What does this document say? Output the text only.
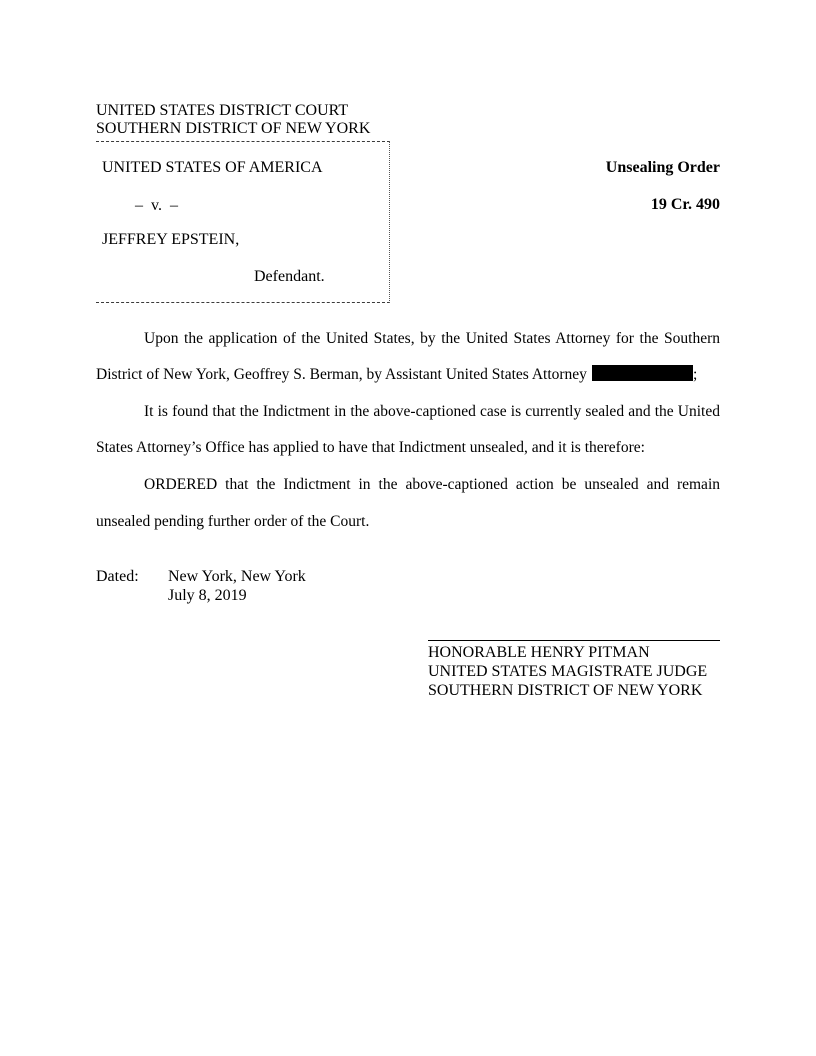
UNITED STATES DISTRICT COURT
SOUTHERN DISTRICT OF NEW YORK
UNITED STATES OF AMERICA
–  v.  –
JEFFREY EPSTEIN,
Defendant.
Unsealing Order
19 Cr. 490
Upon the application of the United States, by the United States Attorney for the Southern
District of New York, Geoffrey S. Berman, by Assistant United States Attorney	;
It is found that the Indictment in the above-captioned case is currently sealed and the United
States Attorney’s Office has applied to have that Indictment unsealed, and it is therefore:
ORDERED that the Indictment in the above-captioned action be unsealed and remain
unsealed pending further order of the Court.
Dated:	New York, New York
July 8, 2019
HONORABLE HENRY PITMAN
UNITED STATES MAGISTRATE JUDGE
SOUTHERN DISTRICT OF NEW YORK
